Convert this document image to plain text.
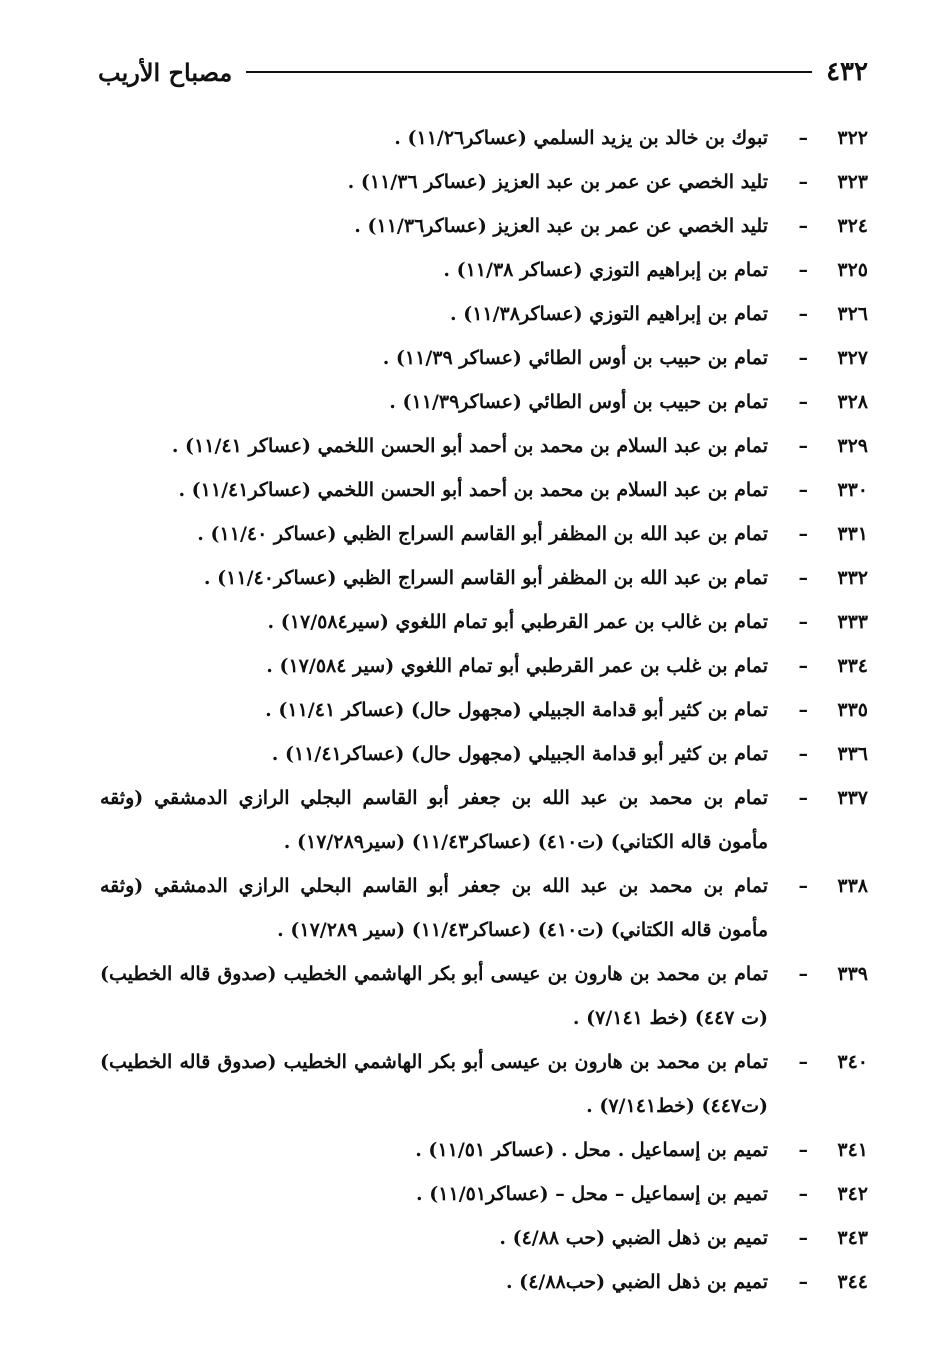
٤٣٢
مصباح الأريب
٣٢٢
–
تبوك بن خالد بن يزيد السلمي (عساكر١١/٢٦) .
٣٢٣
–
تليد الخصي عن عمر بن عبد العزيز (عساكر ١١/٣٦) .
٣٢٤
–
تليد الخصي عن عمر بن عبد العزيز (عساكر١١/٣٦) .
٣٢٥
–
تمام بن إبراهيم التوزي (عساكر ١١/٣٨) .
٣٢٦
–
تمام بن إبراهيم التوزي (عساكر١١/٣٨) .
٣٢٧
–
تمام بن حبيب بن أوس الطائي (عساكر ١١/٣٩) .
٣٢٨
–
تمام بن حبيب بن أوس الطائي (عساكر١١/٣٩) .
٣٢٩
–
تمام بن عبد السلام بن محمد بن أحمد أبو الحسن اللخمي (عساكر ١١/٤١) .
٣٣٠
–
تمام بن عبد السلام بن محمد بن أحمد أبو الحسن اللخمي (عساكر١١/٤١) .
٣٣١
–
تمام بن عبد الله بن المظفر أبو القاسم السراج الظبي (عساكر ١١/٤٠) .
٣٣٢
–
تمام بن عبد الله بن المظفر أبو القاسم السراج الظبي (عساكر١١/٤٠) .
٣٣٣
–
تمام بن غالب بن عمر القرطبي أبو تمام اللغوي (سير١٧/٥٨٤) .
٣٣٤
–
تمام بن غلب بن عمر القرطبي أبو تمام اللغوي (سير ١٧/٥٨٤) .
٣٣٥
–
تمام بن كثير أبو قدامة الجبيلي (مجهول حال) (عساكر ١١/٤١) .
٣٣٦
–
تمام بن كثير أبو قدامة الجبيلي (مجهول حال) (عساكر١١/٤١) .
٣٣٧
–
تمام بن محمد بن عبد الله بن جعفر أبو القاسم البجلي الرازي الدمشقي (وثقه مأمون قاله الكتاني) (ت٤١٠) (عساكر١١/٤٣) (سير١٧/٢٨٩) .
٣٣٨
–
تمام بن محمد بن عبد الله بن جعفر أبو القاسم البحلي الرازي الدمشقي (وثقه مأمون قاله الكتاني) (ت٤١٠) (عساكر١١/٤٣) (سير ١٧/٢٨٩) .
٣٣٩
–
تمام بن محمد بن هارون بن عيسى أبو بكر الهاشمي الخطيب (صدوق قاله الخطيب) (ت ٤٤٧) (خط ٧/١٤١) .
٣٤٠
–
تمام بن محمد بن هارون بن عيسى أبو بكر الهاشمي الخطيب (صدوق قاله الخطيب) (ت٤٤٧) (خط٧/١٤١) .
٣٤١
–
تميم بن إسماعيل . محل . (عساكر ١١/٥١) .
٣٤٢
–
تميم بن إسماعيل – محل – (عساكر١١/٥١) .
٣٤٣
–
تميم بن ذهل الضبي (حب ٤/٨٨) .
٣٤٤
–
تميم بن ذهل الضبي (حب٤/٨٨) .
